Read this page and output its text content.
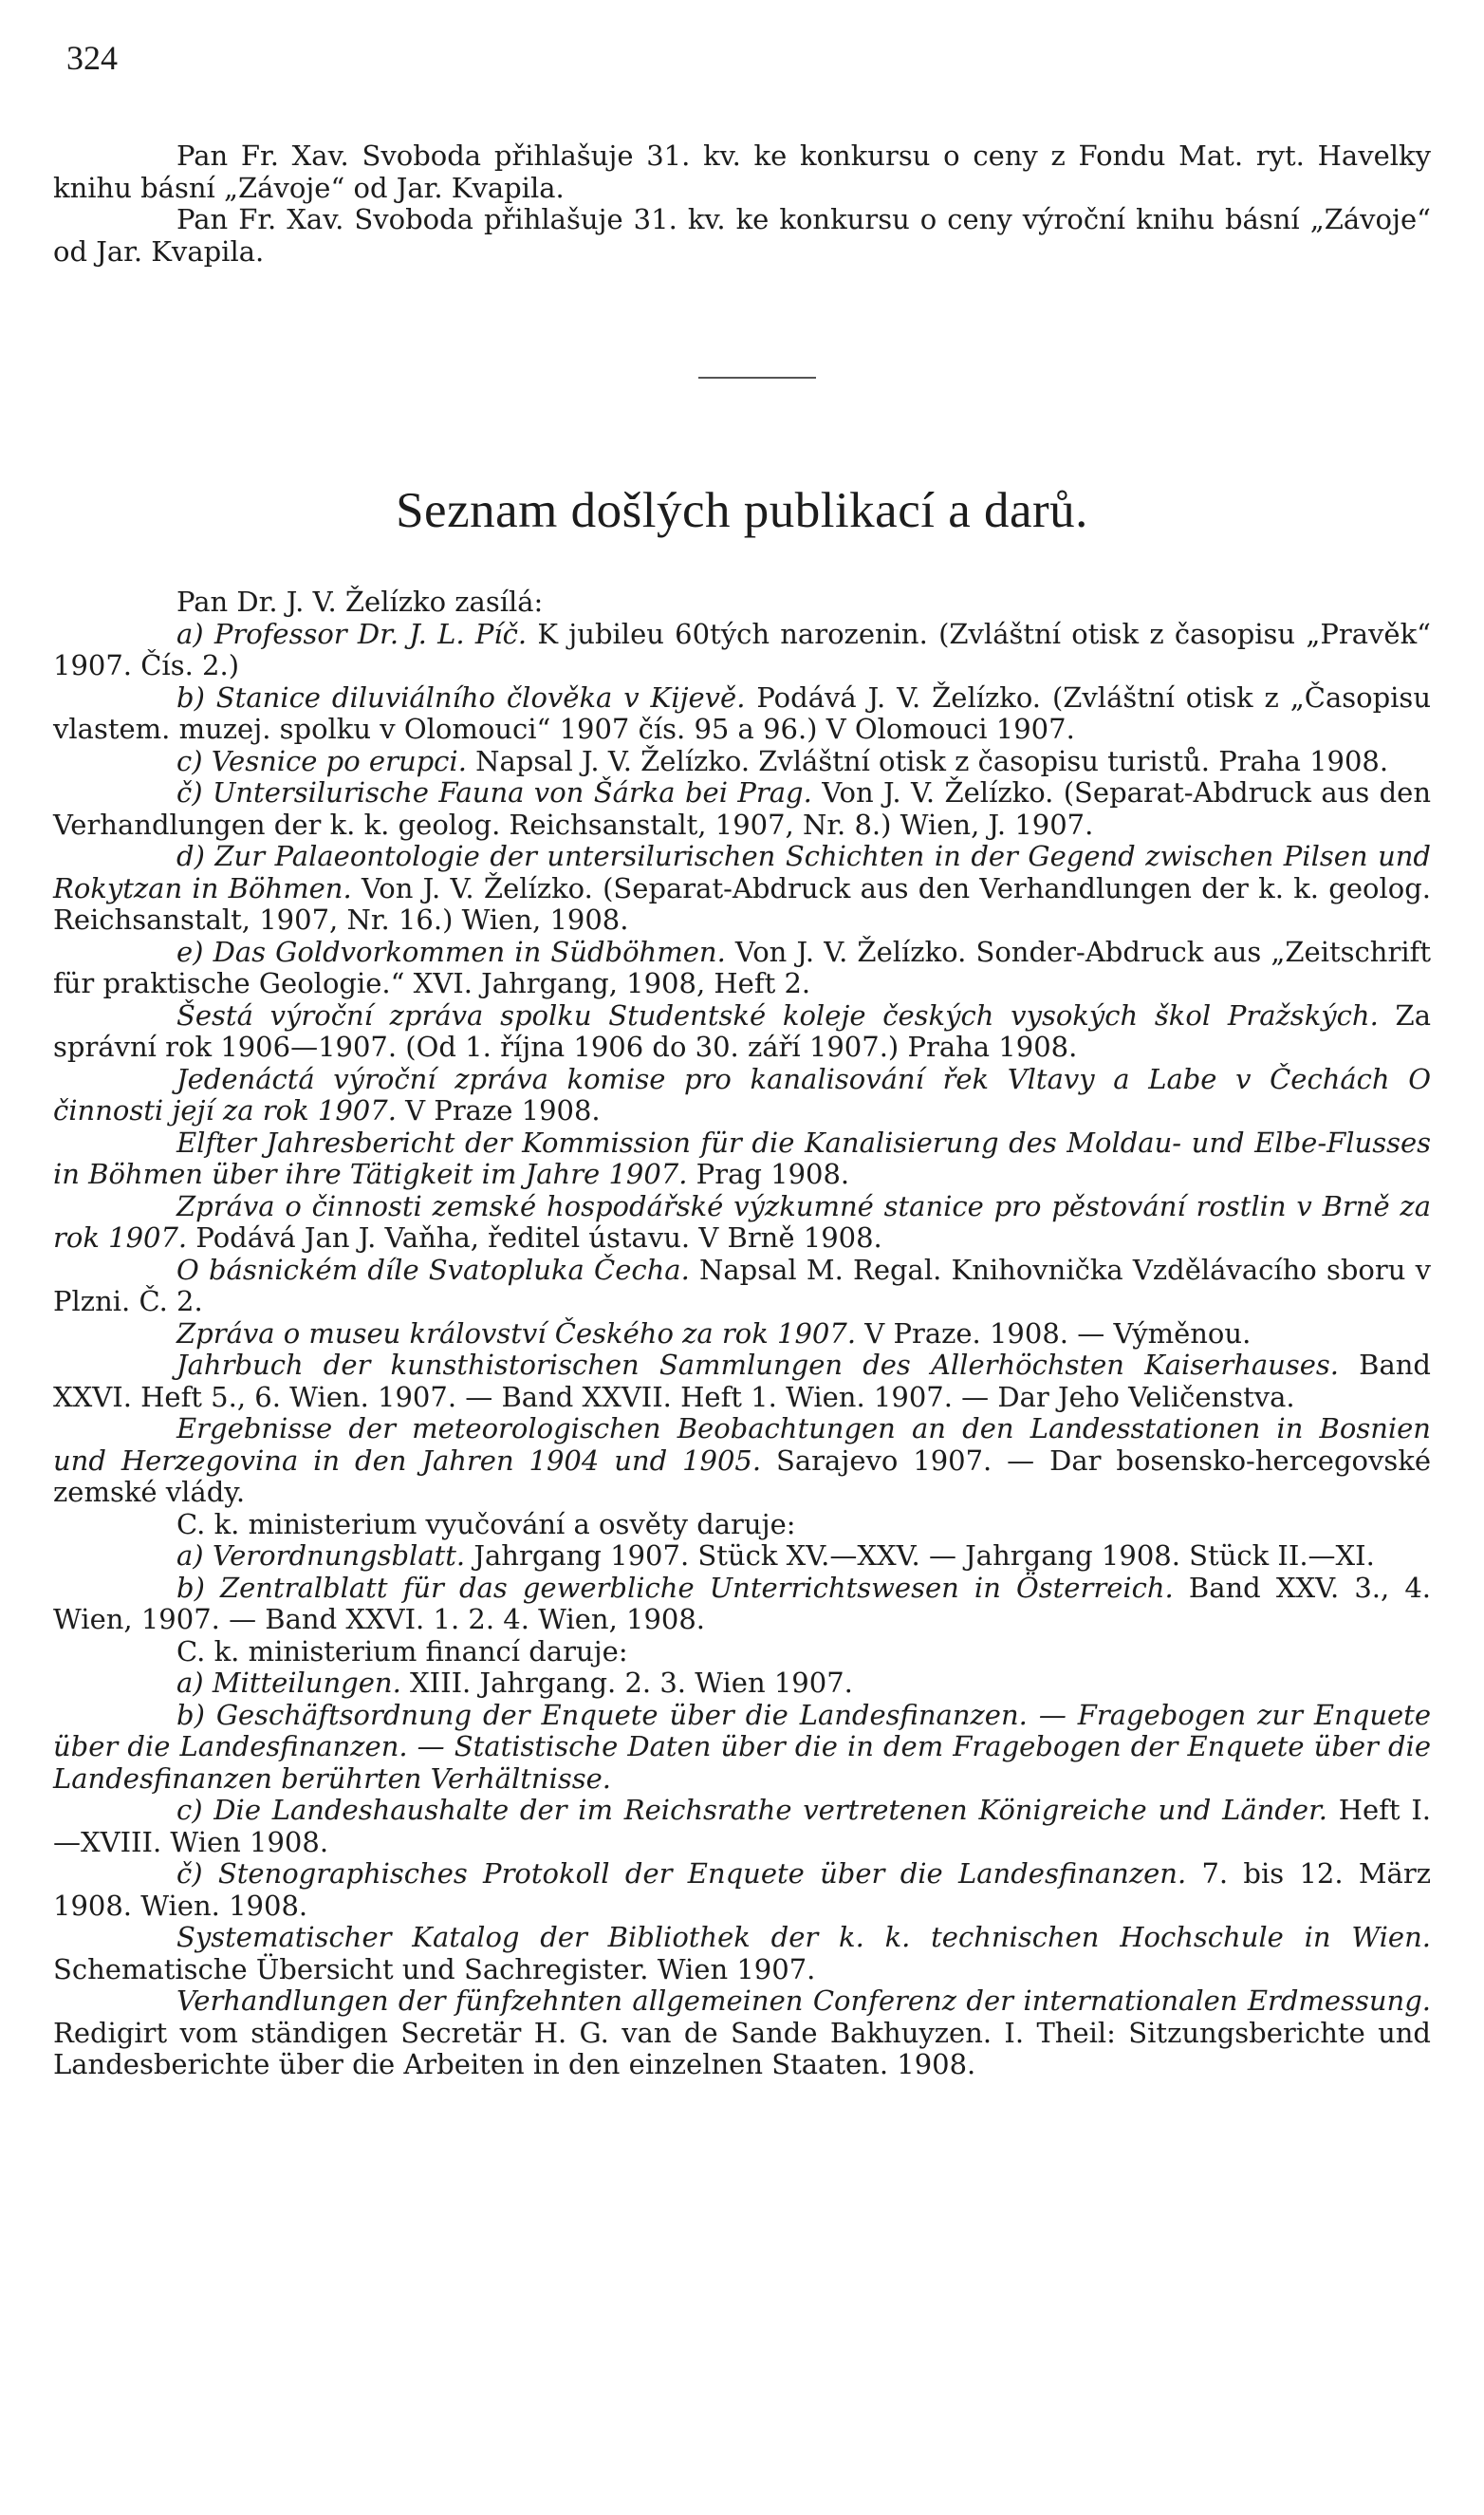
324

Pan Fr. Xav. Svoboda přihlašuje 31. kv. ke konkursu o ceny z Fondu Mat. ryt. Havelky knihu básní „Závoje“ od Jar. Kvapila.

Pan Fr. Xav. Svoboda přihlašuje 31. kv. ke konkursu o ceny výroční knihu básní „Závoje“ od Jar. Kvapila.

Seznam došlých publikací a darů.

Pan Dr. J. V. Želízko zasílá:

a) Professor Dr. J. L. Píč. K jubileu 60tých narozenin. (Zvláštní otisk z časopisu „Pravěk“ 1907. Čís. 2.)

b) Stanice diluviálního člověka v Kijevě. Podává J. V. Želízko. (Zvláštní otisk z „Časopisu vlastem. muzej. spolku v Olomouci“ 1907 čís. 95 a 96.) V Olomouci 1907.

c) Vesnice po erupci. Napsal J. V. Želízko. Zvláštní otisk z časopisu turistů. Praha 1908.

č) Untersilurische Fauna von Šárka bei Prag. Von J. V. Želízko. (Separat-Abdruck aus den Verhandlungen der k. k. geolog. Reichsanstalt, 1907, Nr. 8.) Wien, J. 1907.

d) Zur Palaeontologie der untersilurischen Schichten in der Gegend zwischen Pilsen und Rokytzan in Böhmen. Von J. V. Želízko. (Separat-Abdruck aus den Verhandlungen der k. k. geolog. Reichsanstalt, 1907, Nr. 16.) Wien, 1908.

e) Das Goldvorkommen in Südböhmen. Von J. V. Želízko. Sonder-Abdruck aus „Zeitschrift für praktische Geologie.“ XVI. Jahrgang, 1908, Heft 2.

Šestá výroční zpráva spolku Studentské koleje českých vysokých škol Pražských. Za správní rok 1906—1907. (Od 1. října 1906 do 30. září 1907.) Praha 1908.

Jedenáctá výroční zpráva komise pro kanalisování řek Vltavy a Labe v Čechách O činnosti její za rok 1907. V Praze 1908.

Elfter Jahresbericht der Kommission für die Kanalisierung des Moldau- und Elbe-Flusses in Böhmen über ihre Tätigkeit im Jahre 1907. Prag 1908.

Zpráva o činnosti zemské hospodářské výzkumné stanice pro pěstování rostlin v Brně za rok 1907. Podává Jan J. Vaňha, ředitel ústavu. V Brně 1908.

O básnickém díle Svatopluka Čecha. Napsal M. Regal. Knihovnička Vzdělávacího sboru v Plzni. Č. 2.

Zpráva o museu království Českého za rok 1907. V Praze. 1908. — Výměnou.

Jahrbuch der kunsthistorischen Sammlungen des Allerhöchsten Kaiserhauses. Band XXVI. Heft 5., 6. Wien. 1907. — Band XXVII. Heft 1. Wien. 1907. — Dar Jeho Veličenstva.

Ergebnisse der meteorologischen Beobachtungen an den Landesstationen in Bosnien und Herzegovina in den Jahren 1904 und 1905. Sarajevo 1907. — Dar bosensko-hercegovské zemské vlády.

C. k. ministerium vyučování a osvěty daruje:

a) Verordnungsblatt. Jahrgang 1907. Stück XV.—XXV. — Jahrgang 1908. Stück II.—XI.

b) Zentralblatt für das gewerbliche Unterrichtswesen in Österreich. Band XXV. 3., 4. Wien, 1907. — Band XXVI. 1. 2. 4. Wien, 1908.

C. k. ministerium financí daruje:

a) Mitteilungen. XIII. Jahrgang. 2. 3. Wien 1907.

b) Geschäftsordnung der Enquete über die Landesfinanzen. — Fragebogen zur Enquete über die Landesfinanzen. — Statistische Daten über die in dem Fragebogen der Enquete über die Landesfinanzen berührten Verhältnisse.

c) Die Landeshaushalte der im Reichsrathe vertretenen Königreiche und Länder. Heft I. —XVIII. Wien 1908.

č) Stenographisches Protokoll der Enquete über die Landesfinanzen. 7. bis 12. März 1908. Wien. 1908.

Systematischer Katalog der Bibliothek der k. k. technischen Hochschule in Wien. Schematische Übersicht und Sachregister. Wien 1907.

Verhandlungen der fünfzehnten allgemeinen Conferenz der internationalen Erdmessung. Redigirt vom ständigen Secretär H. G. van de Sande Bakhuyzen. I. Theil: Sitzungsberichte und Landesberichte über die Arbeiten in den einzelnen Staaten. 1908.
